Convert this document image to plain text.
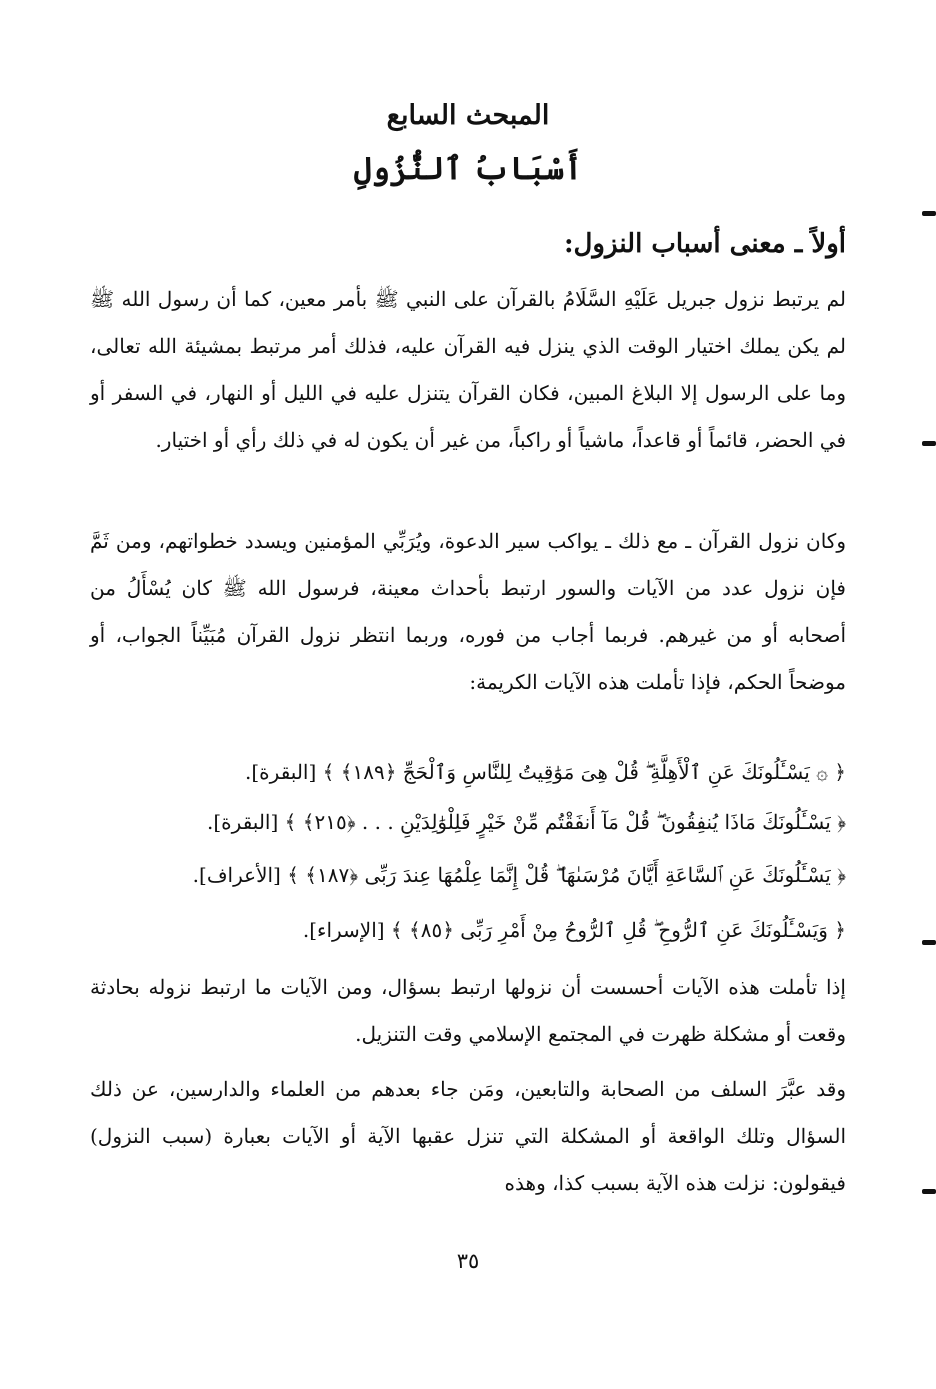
المبحث السابع
أَسْبَابُ ٱلنُّزُولِ
أولاً ـ معنى أسباب النزول:
لم يرتبط نزول جبريل عَلَيْهِ السَّلَامُ بالقرآن على النبي ﷺ بأمر معين، كما أن رسول الله ﷺ لم يكن يملك اختيار الوقت الذي ينزل فيه القرآن عليه، فذلك أمر مرتبط بمشيئة الله تعالى، وما على الرسول إلا البلاغ المبين، فكان القرآن يتنزل عليه في الليل أو النهار، في السفر أو في الحضر، قائماً أو قاعداً، ماشياً أو راكباً، من غير أن يكون له في ذلك رأي أو اختيار.
وكان نزول القرآن ـ مع ذلك ـ يواكب سير الدعوة، ويُرَبِّي المؤمنين ويسدد خطواتهم، ومن ثَمَّ فإن نزول عدد من الآيات والسور ارتبط بأحداث معينة، فرسول الله ﷺ كان يُسْأَلُ من أصحابه أو من غيرهم. فربما أجاب من فوره، وربما انتظر نزول القرآن مُبَيِّناً الجواب، أو موضحاً الحكم، فإذا تأملت هذه الآيات الكريمة:
﴿ ۞ يَسْـَٔلُونَكَ عَنِ ٱلْأَهِلَّةِ ۖ قُلْ هِىَ مَوَٰقِيتُ لِلنَّاسِ وَٱلْحَجِّ ﴿١٨٩﴾ ﴾ [البقرة].
﴿ يَسْـَٔلُونَكَ مَاذَا يُنفِقُونَ ۖ قُلْ مَآ أَنفَقْتُم مِّنْ خَيْرٍ فَلِلْوَٰلِدَيْنِ . . . ﴿٢١٥﴾ ﴾ [البقرة].
﴿ يَسْـَٔلُونَكَ عَنِ ٱلسَّاعَةِ أَيَّانَ مُرْسَىٰهَا ۖ قُلْ إِنَّمَا عِلْمُهَا عِندَ رَبِّى ﴿١٨٧﴾ ﴾ [الأعراف].
﴿ وَيَسْـَٔلُونَكَ عَنِ ٱلرُّوحِ ۖ قُلِ ٱلرُّوحُ مِنْ أَمْرِ رَبِّى ﴿٨٥﴾ ﴾ [الإسراء].
إذا تأملت هذه الآيات أحسست أن نزولها ارتبط بسؤال، ومن الآيات ما ارتبط نزوله بحادثة وقعت أو مشكلة ظهرت في المجتمع الإسلامي وقت التنزيل.
وقد عبَّرَ السلف من الصحابة والتابعين، ومَن جاء بعدهم من العلماء والدارسين، عن ذلك السؤال وتلك الواقعة أو المشكلة التي تنزل عقبها الآية أو الآيات بعبارة (سبب النزول) فيقولون: نزلت هذه الآية بسبب كذا، وهذه
٣٥
